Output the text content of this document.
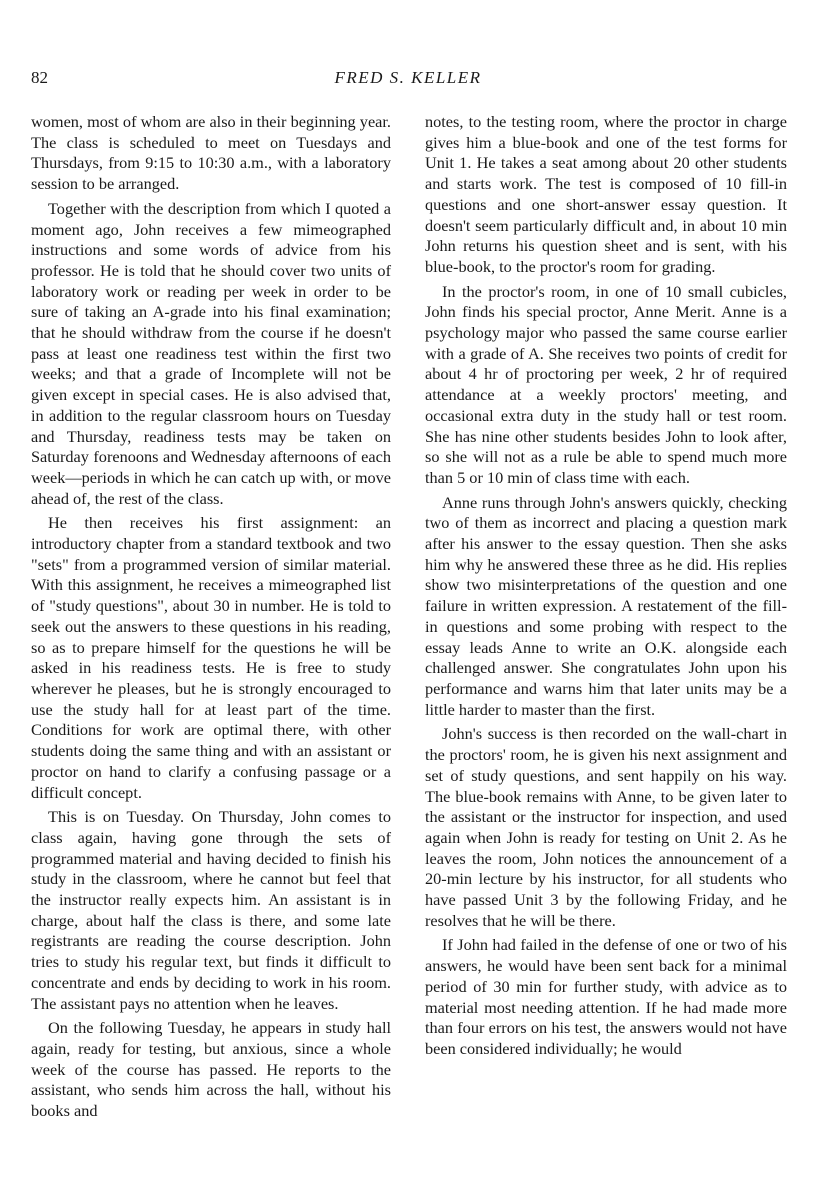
82	FRED S. KELLER

women, most of whom are also in their beginning year. The class is scheduled to meet on Tuesdays and Thursdays, from 9:15 to 10:30 a.m., with a laboratory session to be arranged.

Together with the description from which I quoted a moment ago, John receives a few mimeographed instructions and some words of advice from his professor. He is told that he should cover two units of laboratory work or reading per week in order to be sure of taking an A-grade into his final examination; that he should withdraw from the course if he doesn't pass at least one readiness test within the first two weeks; and that a grade of Incomplete will not be given except in special cases. He is also advised that, in addition to the regular classroom hours on Tuesday and Thursday, readiness tests may be taken on Saturday forenoons and Wednesday afternoons of each week—periods in which he can catch up with, or move ahead of, the rest of the class.

He then receives his first assignment: an introductory chapter from a standard textbook and two "sets" from a programmed version of similar material. With this assignment, he receives a mimeographed list of "study questions", about 30 in number. He is told to seek out the answers to these questions in his reading, so as to prepare himself for the questions he will be asked in his readiness tests. He is free to study wherever he pleases, but he is strongly encouraged to use the study hall for at least part of the time. Conditions for work are optimal there, with other students doing the same thing and with an assistant or proctor on hand to clarify a confusing passage or a difficult concept.

This is on Tuesday. On Thursday, John comes to class again, having gone through the sets of programmed material and having decided to finish his study in the classroom, where he cannot but feel that the instructor really expects him. An assistant is in charge, about half the class is there, and some late registrants are reading the course description. John tries to study his regular text, but finds it difficult to concentrate and ends by deciding to work in his room. The assistant pays no attention when he leaves.

On the following Tuesday, he appears in study hall again, ready for testing, but anxious, since a whole week of the course has passed. He reports to the assistant, who sends him across the hall, without his books and

notes, to the testing room, where the proctor in charge gives him a blue-book and one of the test forms for Unit 1. He takes a seat among about 20 other students and starts work. The test is composed of 10 fill-in questions and one short-answer essay question. It doesn't seem particularly difficult and, in about 10 min John returns his question sheet and is sent, with his blue-book, to the proctor's room for grading.

In the proctor's room, in one of 10 small cubicles, John finds his special proctor, Anne Merit. Anne is a psychology major who passed the same course earlier with a grade of A. She receives two points of credit for about 4 hr of proctoring per week, 2 hr of required attendance at a weekly proctors' meeting, and occasional extra duty in the study hall or test room. She has nine other students besides John to look after, so she will not as a rule be able to spend much more than 5 or 10 min of class time with each.

Anne runs through John's answers quickly, checking two of them as incorrect and placing a question mark after his answer to the essay question. Then she asks him why he answered these three as he did. His replies show two misinterpretations of the question and one failure in written expression. A restatement of the fill-in questions and some probing with respect to the essay leads Anne to write an O.K. alongside each challenged answer. She congratulates John upon his performance and warns him that later units may be a little harder to master than the first.

John's success is then recorded on the wall-chart in the proctors' room, he is given his next assignment and set of study questions, and sent happily on his way. The blue-book remains with Anne, to be given later to the assistant or the instructor for inspection, and used again when John is ready for testing on Unit 2. As he leaves the room, John notices the announcement of a 20-min lecture by his instructor, for all students who have passed Unit 3 by the following Friday, and he resolves that he will be there.

If John had failed in the defense of one or two of his answers, he would have been sent back for a minimal period of 30 min for further study, with advice as to material most needing attention. If he had made more than four errors on his test, the answers would not have been considered individually; he would
